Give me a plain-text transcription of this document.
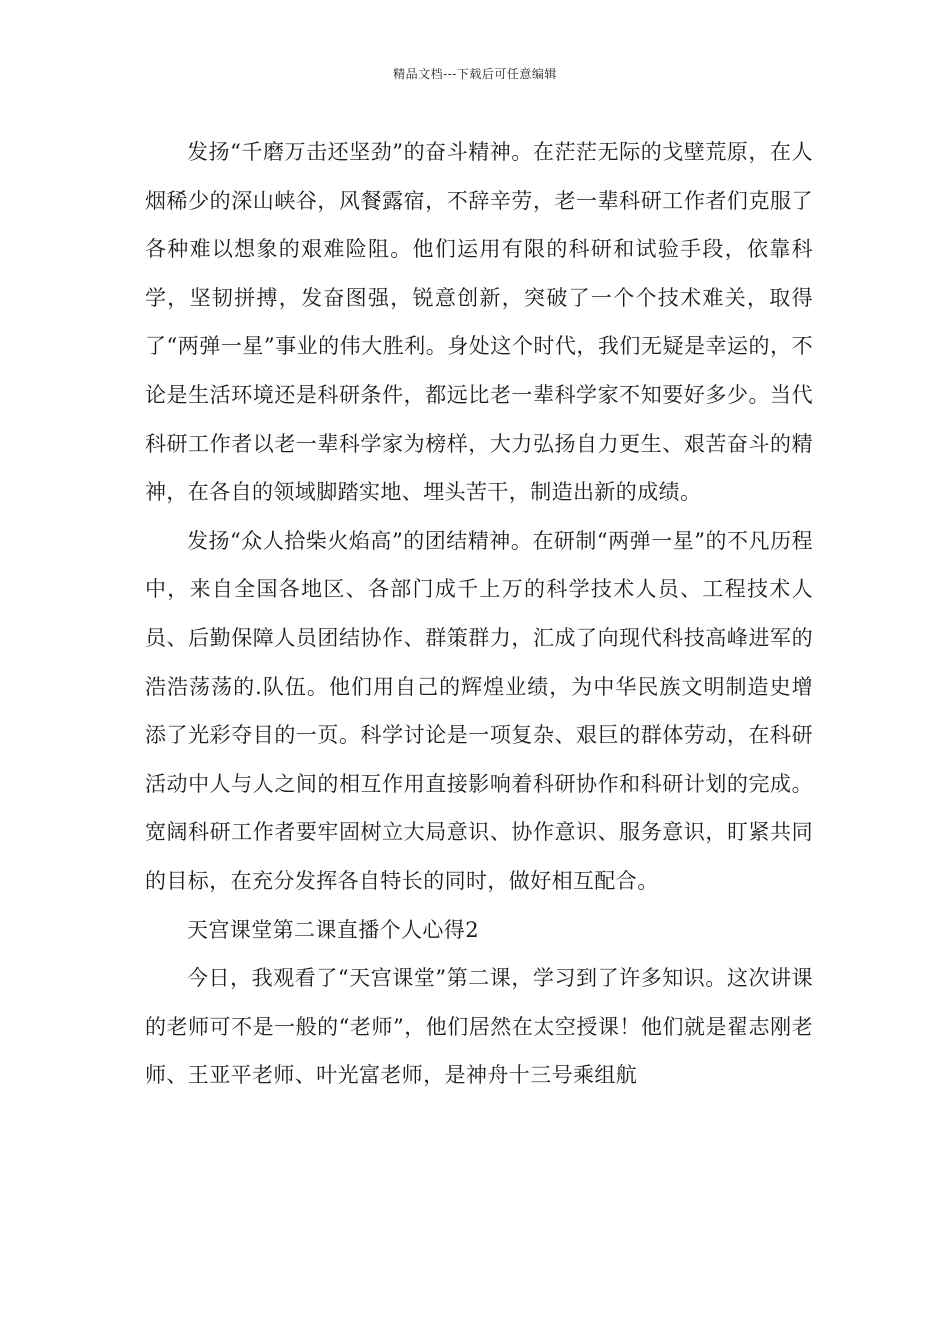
精品文档---下载后可任意编辑

发扬“千磨万击还坚劲”的奋斗精神。在茫茫无际的戈壁荒原，在人烟稀少的深山峡谷，风餐露宿，不辞辛劳，老一辈科研工作者们克服了各种难以想象的艰难险阻。他们运用有限的科研和试验手段，依靠科学，坚韧拼搏，发奋图强，锐意创新，突破了一个个技术难关，取得了“两弹一星”事业的伟大胜利。身处这个时代，我们无疑是幸运的，不论是生活环境还是科研条件，都远比老一辈科学家不知要好多少。当代科研工作者以老一辈科学家为榜样，大力弘扬自力更生、艰苦奋斗的精神，在各自的领域脚踏实地、埋头苦干，制造出新的成绩。

发扬“众人拾柴火焰高”的团结精神。在研制“两弹一星”的不凡历程中，来自全国各地区、各部门成千上万的科学技术人员、工程技术人员、后勤保障人员团结协作、群策群力，汇成了向现代科技高峰进军的浩浩荡荡的.队伍。他们用自己的辉煌业绩，为中华民族文明制造史增添了光彩夺目的一页。科学讨论是一项复杂、艰巨的群体劳动，在科研活动中人与人之间的相互作用直接影响着科研协作和科研计划的完成。宽阔科研工作者要牢固树立大局意识、协作意识、服务意识，盯紧共同的目标，在充分发挥各自特长的同时，做好相互配合。

天宫课堂第二课直播个人心得2

今日，我观看了“天宫课堂”第二课，学习到了许多知识。这次讲课的老师可不是一般的“老师”，他们居然在太空授课！他们就是翟志刚老师、王亚平老师、叶光富老师，是神舟十三号乘组航
